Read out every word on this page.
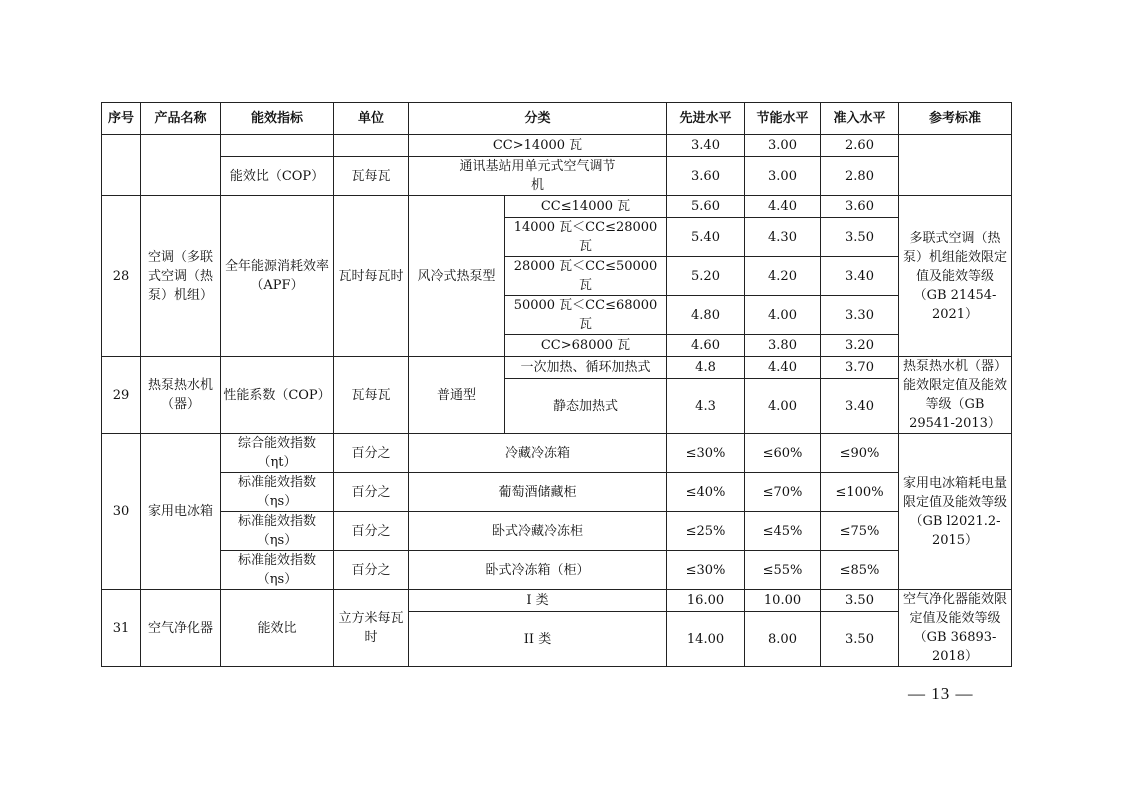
序号	产品名称	能效指标	单位	分类		先进水平	节能水平	准入水平	参考标准
				CC>14000 瓦		3.40	3.00	2.60	
		能效比（COP）	瓦每瓦	通讯基站用单元式空气调节机		3.60	3.00	2.80	
28	空调（多联式空调（热泵）机组）	全年能源消耗效率（APF）	瓦时每瓦时	风冷式热泵型	CC≤14000 瓦	5.60	4.40	3.60	多联式空调（热泵）机组能效限定值及能效等级（GB 21454-2021）
					14000 瓦＜CC≤28000 瓦	5.40	4.30	3.50	
					28000 瓦＜CC≤50000 瓦	5.20	4.20	3.40	
					50000 瓦＜CC≤68000 瓦	4.80	4.00	3.30	
					CC>68000 瓦	4.60	3.80	3.20	
29	热泵热水机（器）	性能系数（COP）	瓦每瓦	普通型	一次加热、循环加热式	4.8	4.40	3.70	热泵热水机（器）能效限定值及能效等级（GB 29541-2013）
					静态加热式	4.3	4.00	3.40	
30	家用电冰箱	综合能效指数（ηt）	百分之	冷藏冷冻箱		≤30%	≤60%	≤90%	家用电冰箱耗电量限定值及能效等级（GB l2021.2-2015）
		标准能效指数（ηs）	百分之	葡萄酒储藏柜		≤40%	≤70%	≤100%	
		标准能效指数（ηs）	百分之	卧式冷藏冷冻柜		≤25%	≤45%	≤75%	
		标准能效指数（ηs）	百分之	卧式冷冻箱（柜）		≤30%	≤55%	≤85%	
31	空气净化器	能效比	立方米每瓦时	I 类		16.00	10.00	3.50	空气净化器能效限定值及能效等级（GB 36893-2018）
				II 类		14.00	8.00	3.50	
— 13 —
